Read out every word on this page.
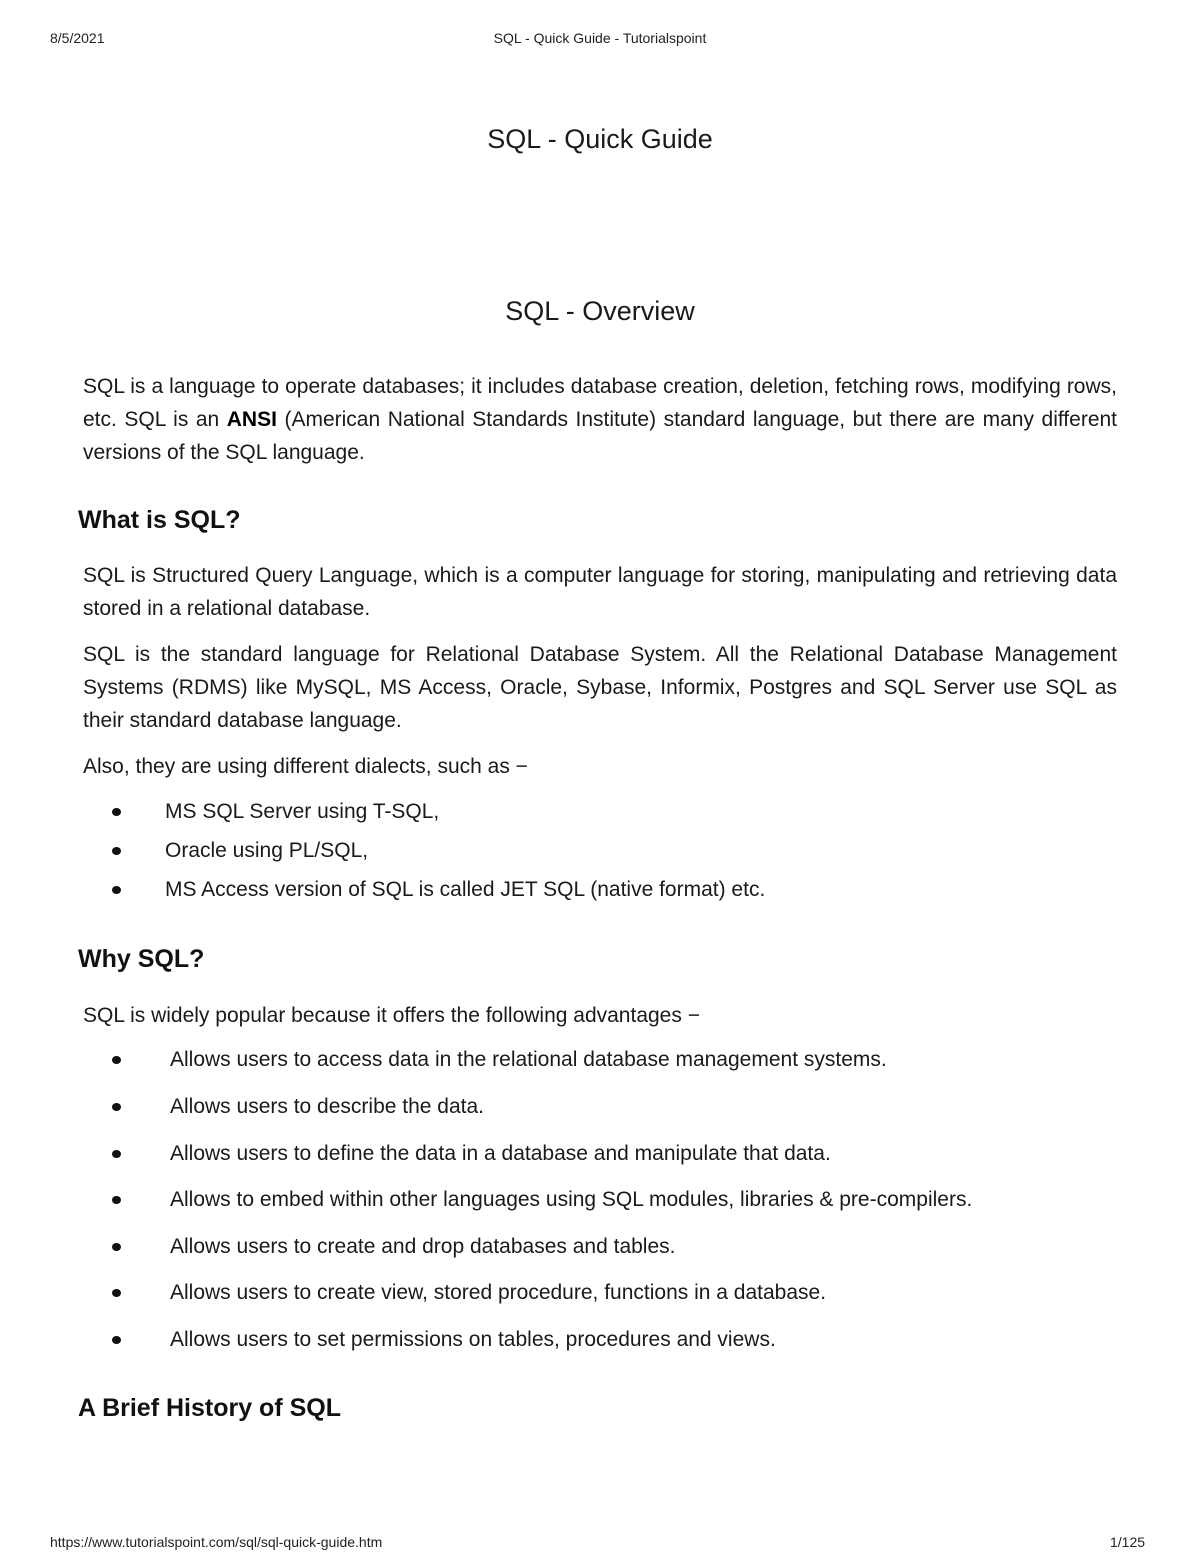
8/5/2021	SQL - Quick Guide - Tutorialspoint
SQL - Quick Guide
SQL - Overview

SQL is a language to operate databases; it includes database creation, deletion, fetching rows, modifying rows, etc. SQL is an ANSI (American National Standards Institute) standard language, but there are many different versions of the SQL language.

What is SQL?

SQL is Structured Query Language, which is a computer language for storing, manipulating and retrieving data stored in a relational database.

SQL is the standard language for Relational Database System. All the Relational Database Management Systems (RDMS) like MySQL, MS Access, Oracle, Sybase, Informix, Postgres and SQL Server use SQL as their standard database language.

Also, they are using different dialects, such as −

MS SQL Server using T-SQL,
Oracle using PL/SQL,
MS Access version of SQL is called JET SQL (native format) etc.
Why SQL?

SQL is widely popular because it offers the following advantages −

Allows users to access data in the relational database management systems.
Allows users to describe the data.
Allows users to define the data in a database and manipulate that data.
Allows to embed within other languages using SQL modules, libraries & pre-compilers.
Allows users to create and drop databases and tables.
Allows users to create view, stored procedure, functions in a database.
Allows users to set permissions on tables, procedures and views.
A Brief History of SQL
https://www.tutorialspoint.com/sql/sql-quick-guide.htm	1/125
